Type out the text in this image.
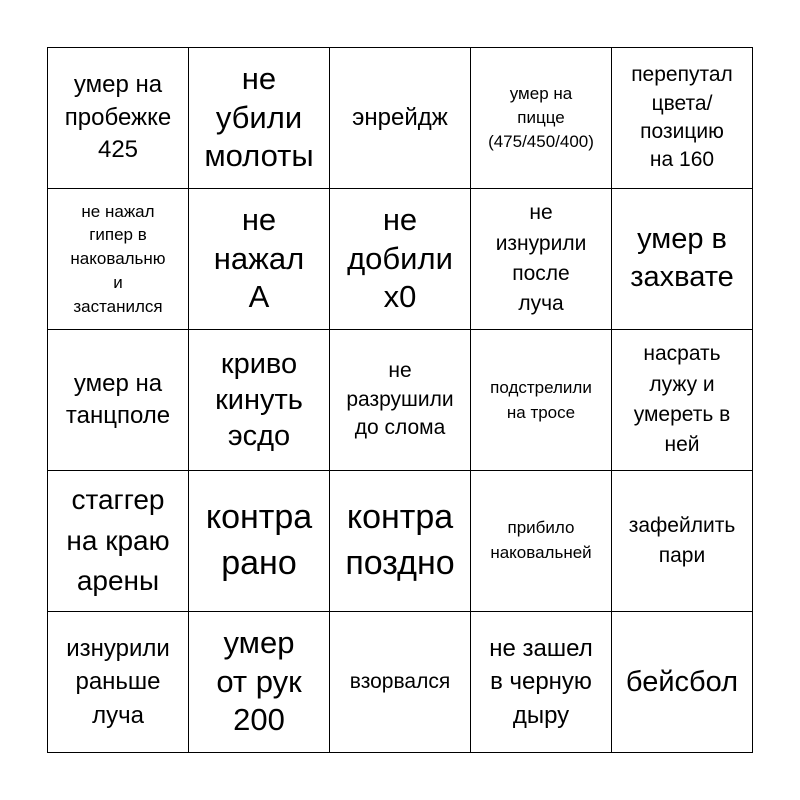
умер на
пробежке
425
не
убили
молоты
энрейдж
умер на
пицце
(475/450/400)
перепутал
цвета/
позицию
на 160
не нажал
гипер в
наковальню
и
застанился
не
нажал
А
не
добили
х0
не
изнурили
после
луча
умер в
захвате
умер на
танцполе
криво
кинуть
эсдо
не
разрушили
до слома
подстрелили
на тросе
насрать
лужу и
умереть в
ней
стаггер
на краю
арены
контра
рано
контра
поздно
прибило
наковальней
зафейлить
пари
изнурили
раньше
луча
умер
от рук
200
взорвался
не зашел
в черную
дыру
бейсбол
